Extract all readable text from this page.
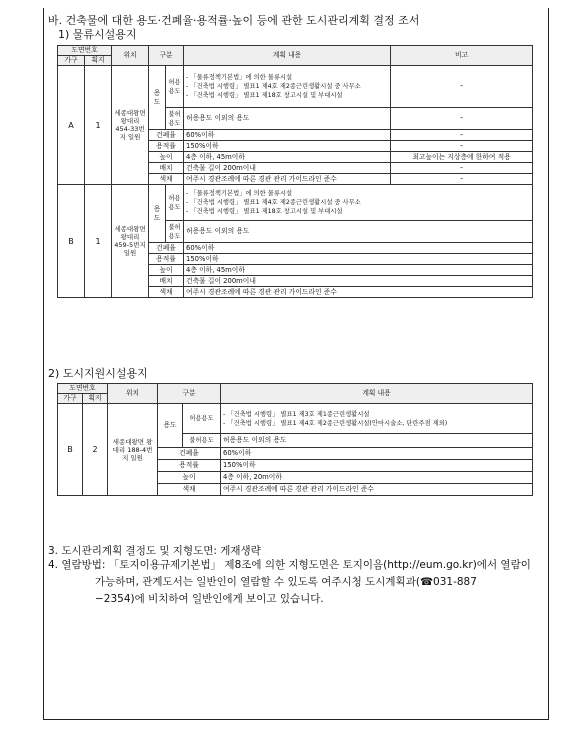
바. 건축물에 대한 용도·건폐율·용적률·높이 등에 관한 도시관리계획 결정 조서
1) 물류시설용지
도면번호		위치	구분		계획 내용	비고
가구	획지					
A	1	세종대왕면 왕대리 454-33번지 일원	용도	허용용도	- 「물류정책기본법」에 의한 물류시설
- 「건축법 시행령」 별표1 제4호 제2종근린생활시설 중 사무소
- 「건축법 시행령」 별표1 제18호 창고시설 및 부대시설	–
				불허용도	허용용도 이외의 용도	–
			건폐율		60%이하	–
			용적률		150%이하	–
			높이		4층 이하, 45m이하	최고높이는 지상층에 한하여 적용
			배치		건축물 길이 200m이내	–
			색채		여주시 경관조례에 따른 경관 관리 가이드라인 준수	–
B	1	세종대왕면 왕대리 459-5번지 일원	용도	허용용도	- 「물류정책기본법」에 의한 물류시설
- 「건축법 시행령」 별표1 제4호 제2종근린생활시설 중 사무소
- 「건축법 시행령」 별표1 제18호 창고시설 및 부대시설	

				불허용도	허용용도 이외의 용도	
			건폐율		60%이하	
			용적률		150%이하	
			높이		4층 이하, 45m이하	
			배치		건축물 길이 200m이내	
			색채		여주시 경관조례에 따른 경관 관리 가이드라인 준수	
2) 도시지원시설용지
도면번호		위치	구분		계획 내용
가구	획지				
B	2	세종대왕면 왕대리 188-4번지 일원	용도	허용용도	- 「건축법 시행령」 별표1 제3호 제1종근린생활시설
- 「건축법 시행령」 별표1 제4호 제2종근린생활시설(안마시술소, 단란주점 제외)

				불허용도	허용용도 이외의 용도
			건폐율		60%이하
			용적률		150%이하
			높이		4층 이하, 20m이하
			색채		여주시 경관조례에 따른 경관 관리 가이드라인 준수
3. 도시관리계획 결정도 및 지형도면: 게재생략
4. 열람방법: 「토지이용규제기본법」 제8조에 의한 지형도면은 토지이음(http://eum.go.kr)에서 열람이
가능하며, 관계도서는 일반인이 열람할 수 있도록 여주시청 도시계획과(☎031-887
−2354)에 비치하여 일반인에게 보이고 있습니다.
